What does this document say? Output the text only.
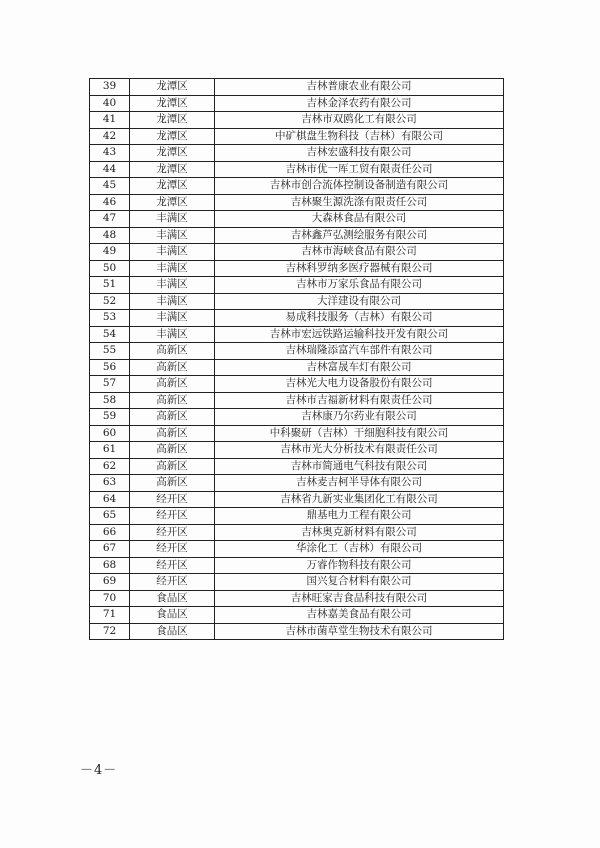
39	龙潭区	吉林普康农业有限公司
40	龙潭区	吉林金泽农药有限公司
41	龙潭区	吉林市双鸥化工有限公司
42	龙潭区	中矿棋盘生物科技（吉林）有限公司
43	龙潭区	吉林宏盛科技有限公司
44	龙潭区	吉林市优一厍工贸有限责任公司
45	龙潭区	吉林市创合流体控制设备制造有限公司
46	龙潭区	吉林聚生源洗涤有限责任公司
47	丰满区	大森林食品有限公司
48	丰满区	吉林鑫芦弘测绘服务有限公司
49	丰满区	吉林市海峡食品有限公司
50	丰满区	吉林科罗纳多医疗器械有限公司
51	丰满区	吉林市万家乐食品有限公司
52	丰满区	大洋建设有限公司
53	丰满区	易成科技服务（吉林）有限公司
54	丰满区	吉林市宏远铁路运输科技开发有限公司
55	高新区	吉林瑞隆添富汽车部件有限公司
56	高新区	吉林富晟车灯有限公司
57	高新区	吉林光大电力设备股份有限公司
58	高新区	吉林市吉福新材料有限责任公司
59	高新区	吉林康乃尔药业有限公司
60	高新区	中科聚研（吉林）干细胞科技有限公司
61	高新区	吉林市光大分析技术有限责任公司
62	高新区	吉林市简通电气科技有限公司
63	高新区	吉林麦吉柯半导体有限公司
64	经开区	吉林省九新实业集团化工有限公司
65	经开区	鼎基电力工程有限公司
66	经开区	吉林奥克新材料有限公司
67	经开区	华涂化工（吉林）有限公司
68	经开区	万睿作物科技有限公司
69	经开区	国兴复合材料有限公司
70	食品区	吉林旺家吉食品科技有限公司
71	食品区	吉林嘉美食品有限公司
72	食品区	吉林市菌草堂生物技术有限公司
－4－
